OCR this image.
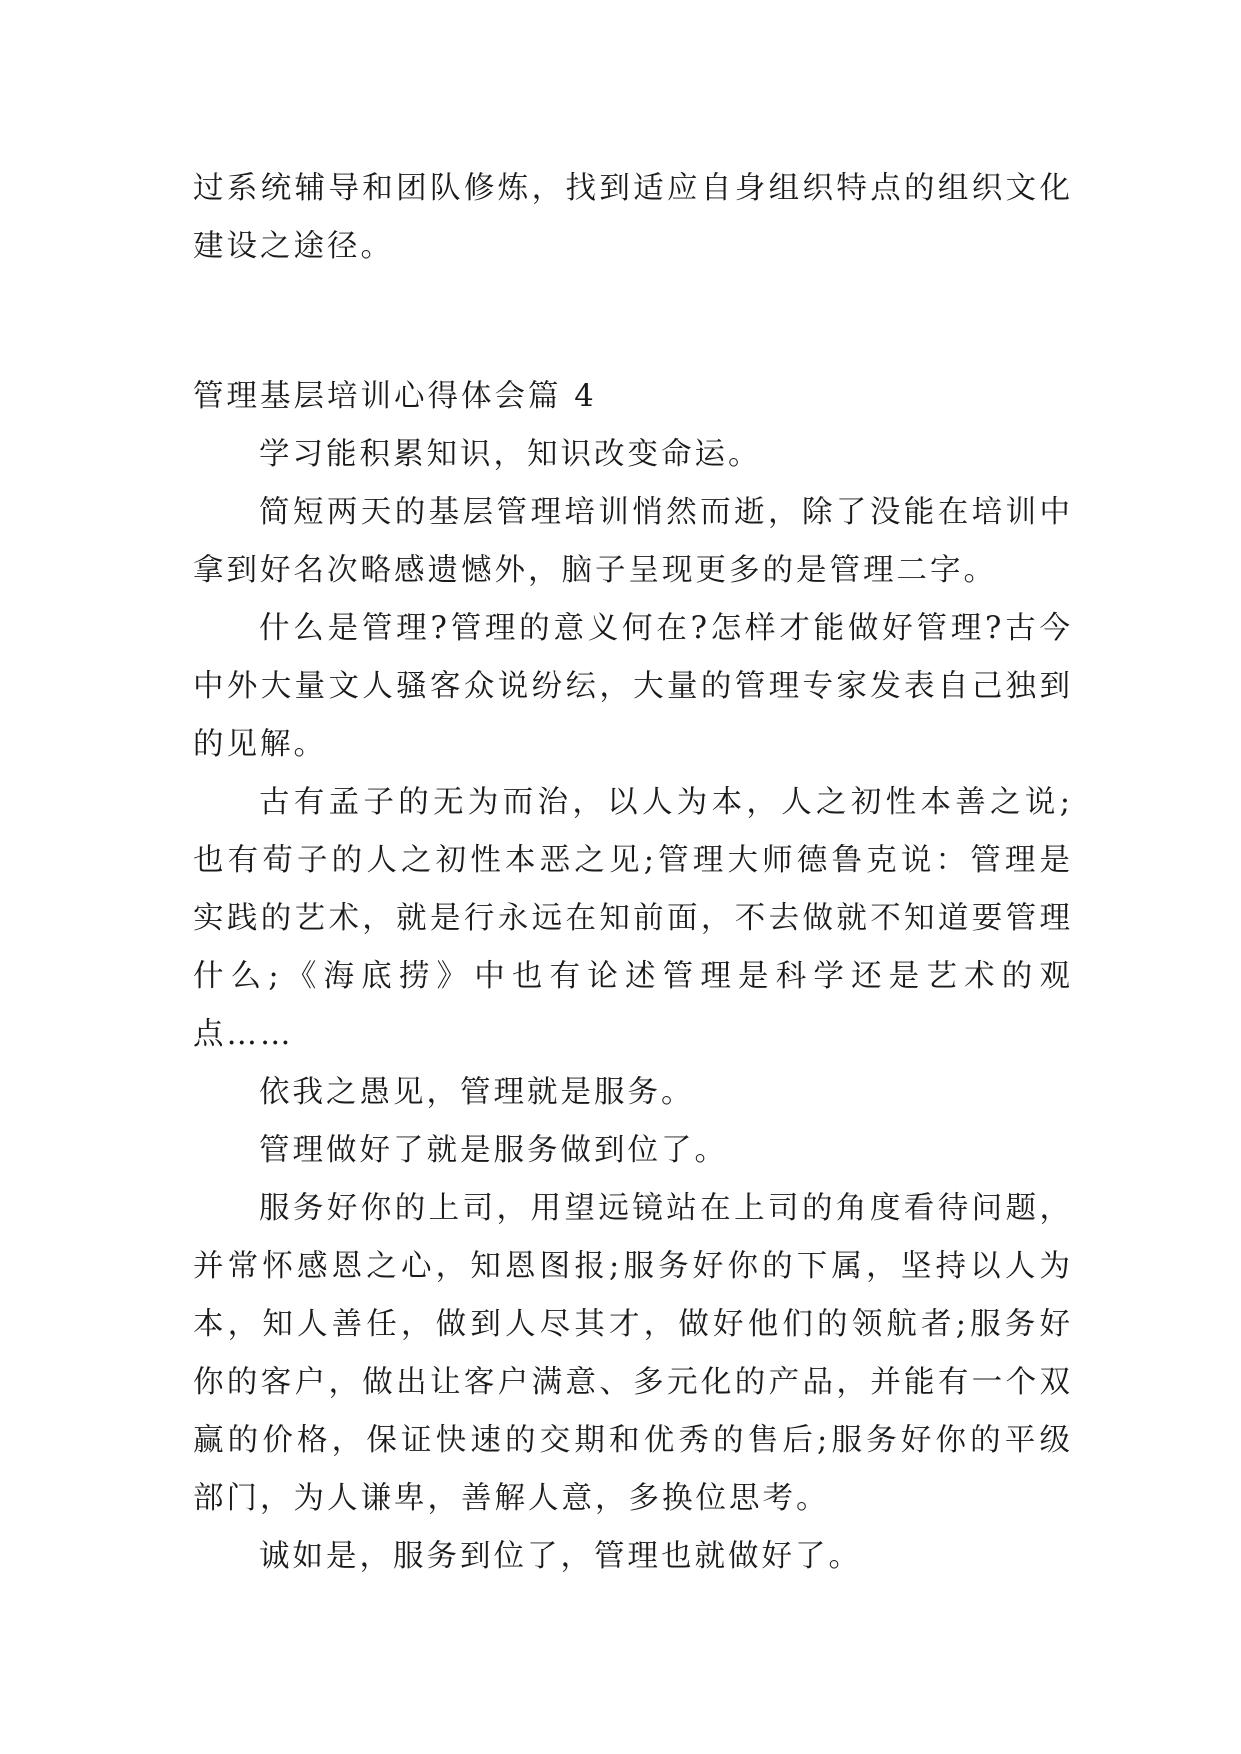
过系统辅导和团队修炼，找到适应自身组织特点的组织文化建设之途径。

管理基层培训心得体会篇 4

学习能积累知识，知识改变命运。

简短两天的基层管理培训悄然而逝，除了没能在培训中拿到好名次略感遗憾外，脑子呈现更多的是管理二字。

什么是管理?管理的意义何在?怎样才能做好管理?古今中外大量文人骚客众说纷纭，大量的管理专家发表自己独到的见解。

古有孟子的无为而治，以人为本，人之初性本善之说;也有荀子的人之初性本恶之见;管理大师德鲁克说：管理是实践的艺术，就是行永远在知前面，不去做就不知道要管理什么;《海底捞》中也有论述管理是科学还是艺术的观点……

依我之愚见，管理就是服务。

管理做好了就是服务做到位了。

服务好你的上司，用望远镜站在上司的角度看待问题，并常怀感恩之心，知恩图报;服务好你的下属，坚持以人为本，知人善任，做到人尽其才，做好他们的领航者;服务好你的客户，做出让客户满意、多元化的产品，并能有一个双赢的价格，保证快速的交期和优秀的售后;服务好你的平级部门，为人谦卑，善解人意，多换位思考。

诚如是，服务到位了，管理也就做好了。
